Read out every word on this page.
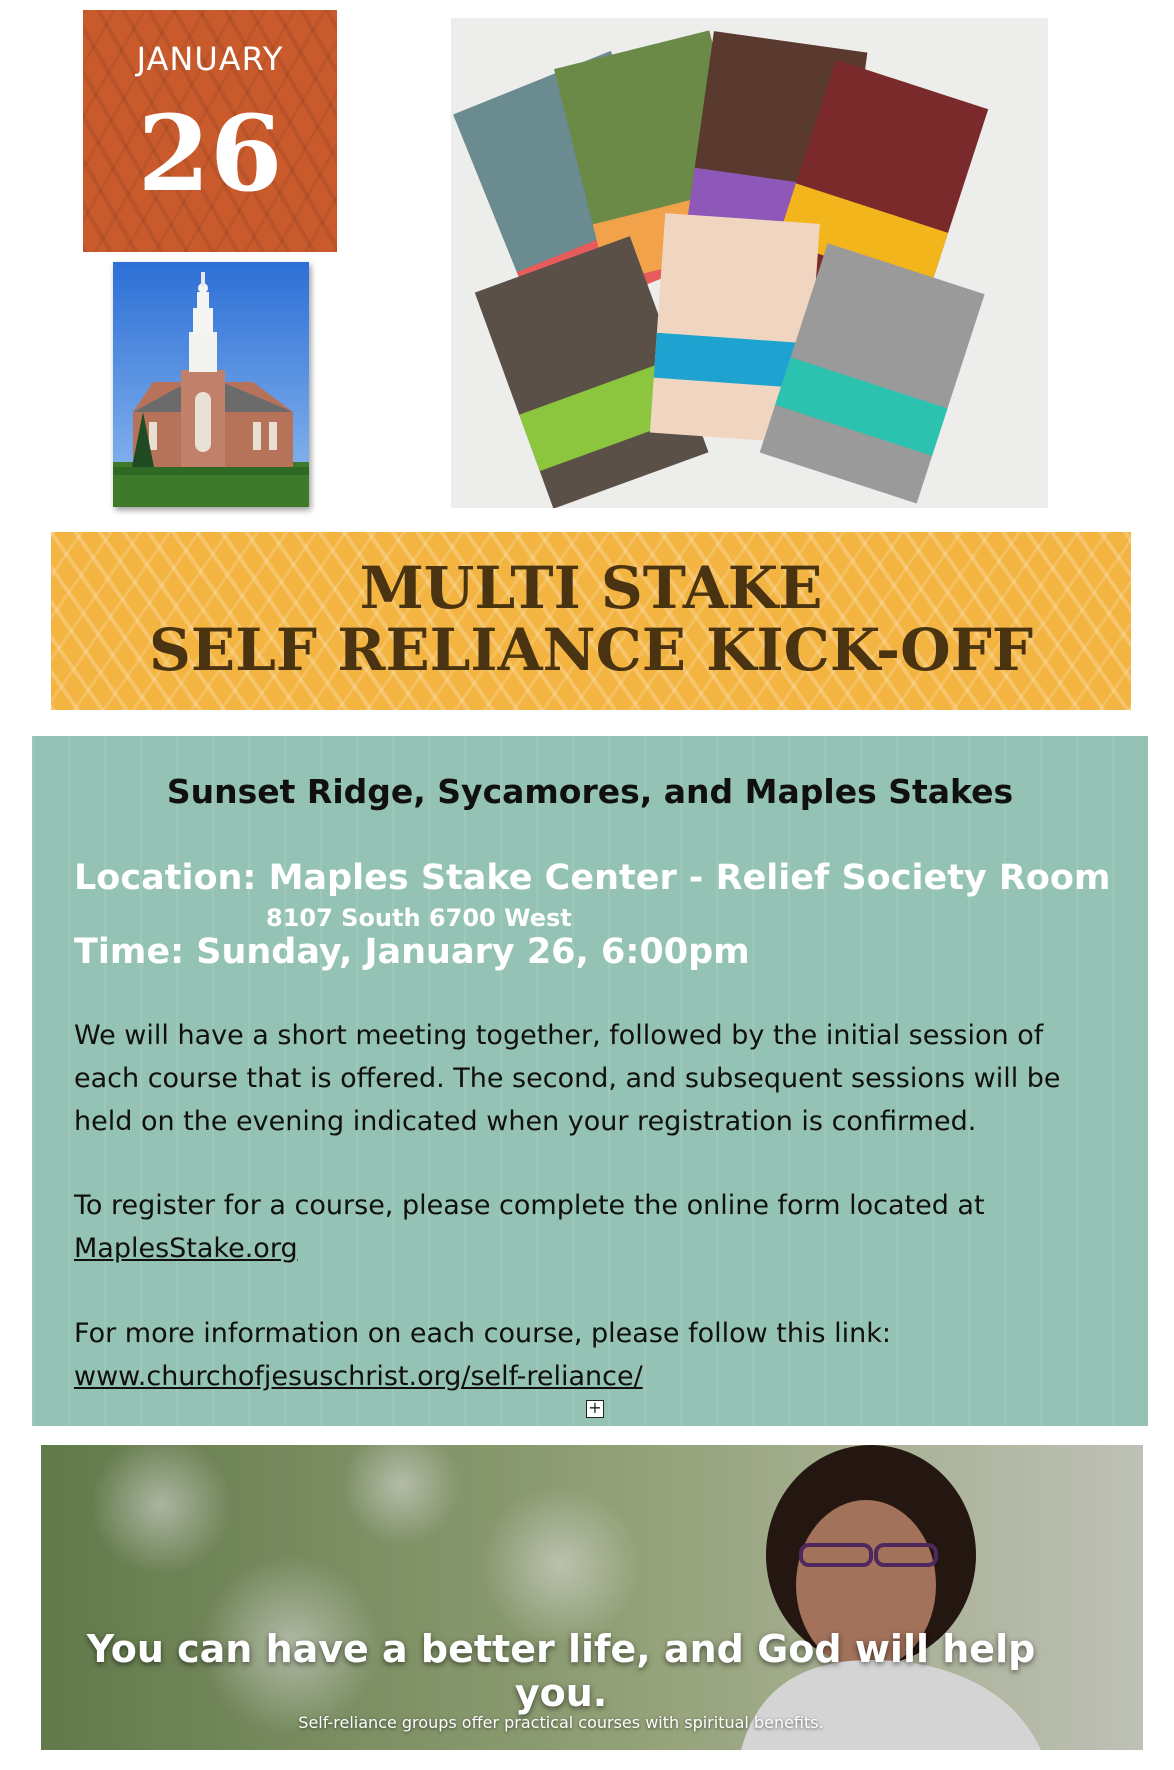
JANUARY
26
MULTI STAKE
SELF RELIANCE KICK-OFF
Sunset Ridge, Sycamores, and Maples Stakes
Location: Maples Stake Center - Relief Society Room
8107 South 6700 West
Time: Sunday, January 26, 6:00pm
We will have a short meeting together, followed by the initial session of each course that is offered. The second, and subsequent sessions will be held on the evening indicated when your registration is confirmed.
To register for a course, please complete the online form located at
MaplesStake.org
For more information on each course, please follow this link:
www.churchofjesuschrist.org/self-reliance/
+
You can have a better life, and God will help you.
Self-reliance groups offer practical courses with spiritual benefits.
